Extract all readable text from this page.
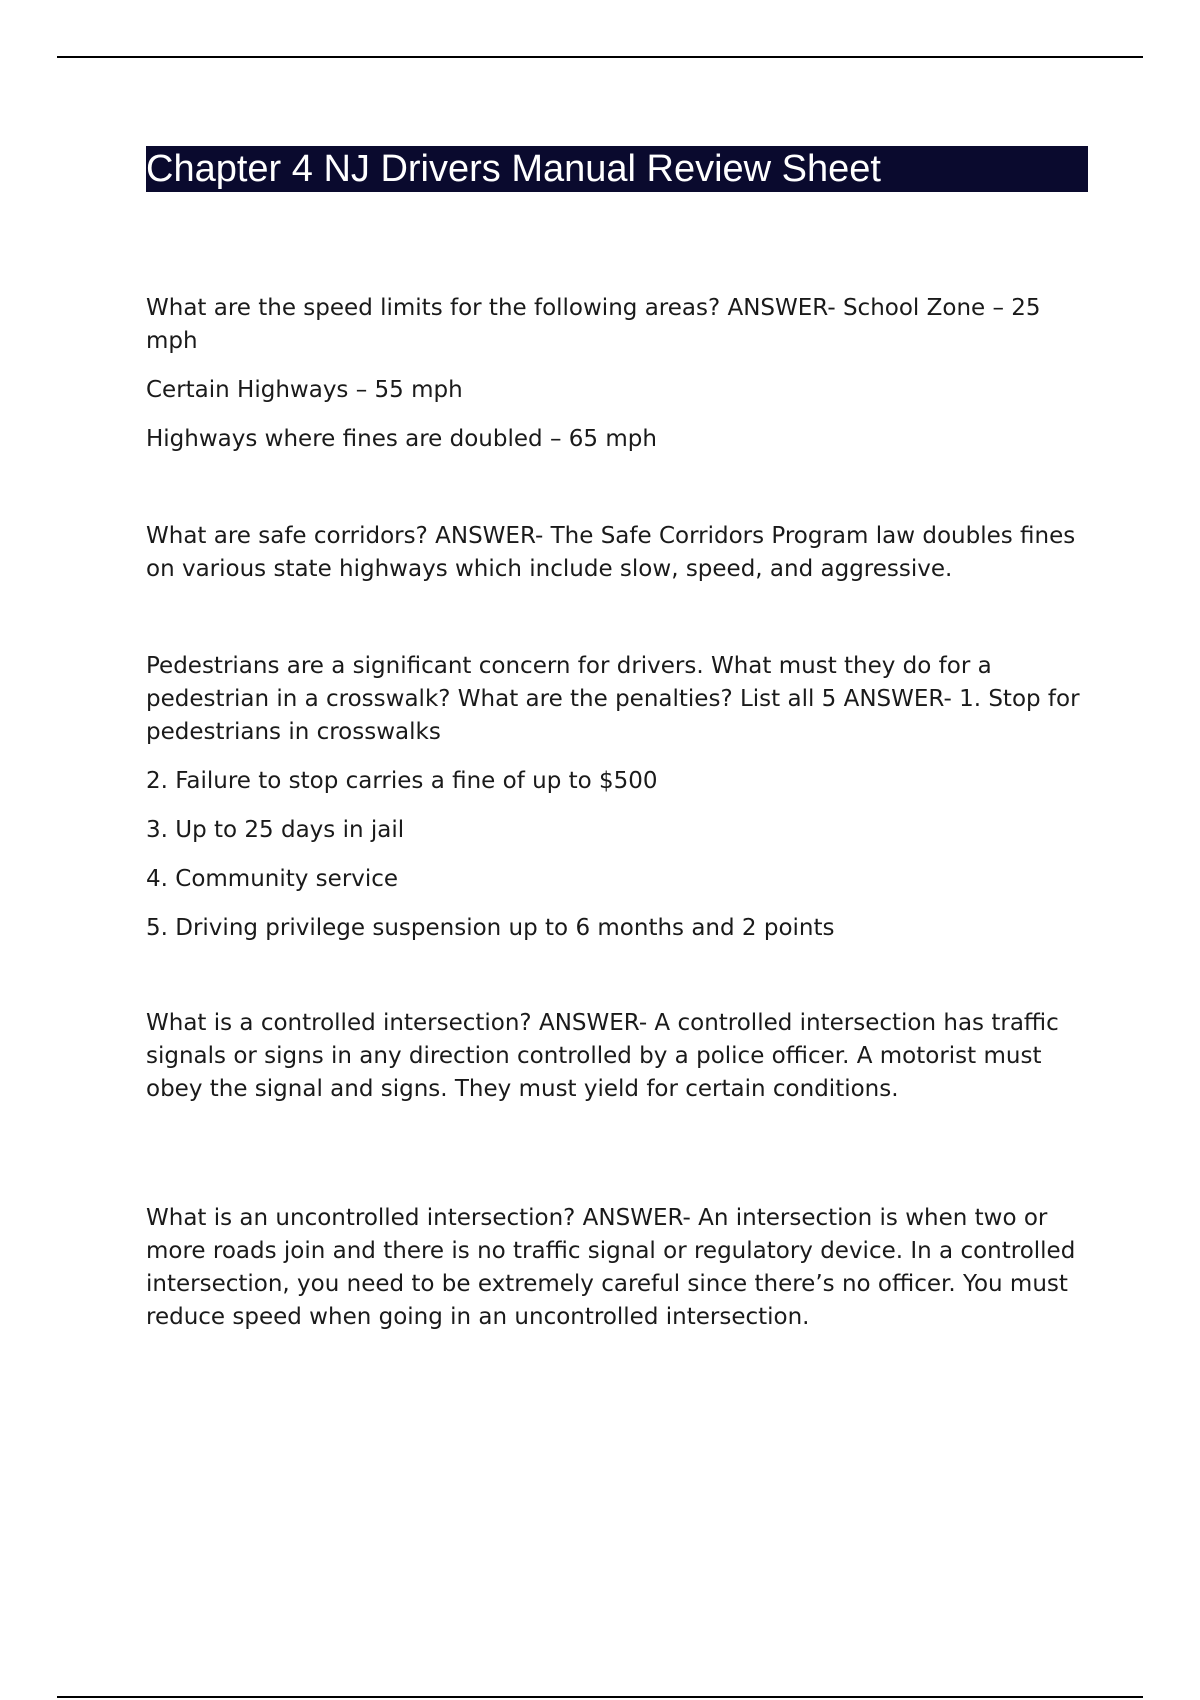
Chapter 4 NJ Drivers Manual Review Sheet

What are the speed limits for the following areas? ANSWER- School Zone – 25 mph

Certain Highways – 55 mph

Highways where fines are doubled – 65 mph

What are safe corridors? ANSWER- The Safe Corridors Program law doubles fines on various state highways which include slow, speed, and aggressive.

Pedestrians are a significant concern for drivers. What must they do for a pedestrian in a crosswalk? What are the penalties? List all 5 ANSWER- 1. Stop for pedestrians in crosswalks

2. Failure to stop carries a fine of up to $500

3. Up to 25 days in jail

4. Community service

5. Driving privilege suspension up to 6 months and 2 points

What is a controlled intersection? ANSWER- A controlled intersection has traffic signals or signs in any direction controlled by a police officer. A motorist must obey the signal and signs. They must yield for certain conditions.

What is an uncontrolled intersection? ANSWER- An intersection is when two or more roads join and there is no traffic signal or regulatory device. In a controlled intersection, you need to be extremely careful since there’s no officer. You must reduce speed when going in an uncontrolled intersection.
